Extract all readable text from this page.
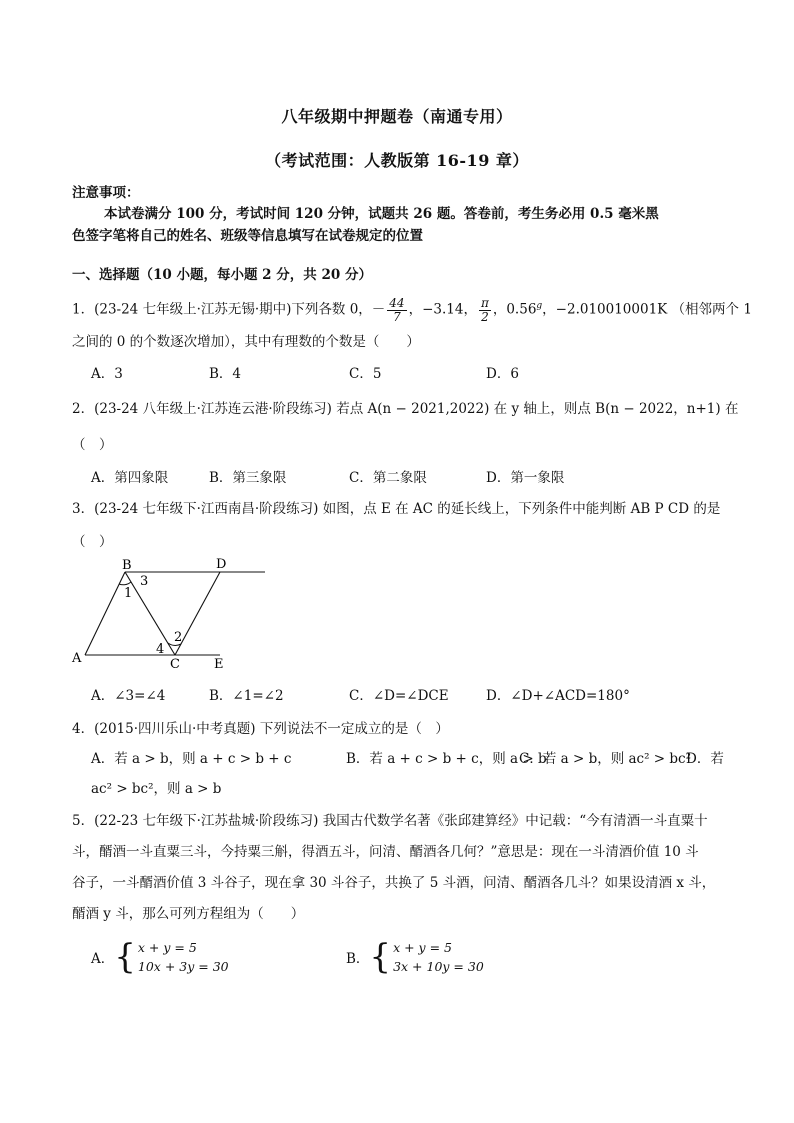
八年级期中押题卷（南通专用）
（考试范围：人教版第 16-19 章）
注意事项：
本试卷满分 100 分，考试时间 120 分钟，试题共 26 题。答卷前，考生务必用 0.5 毫米黑
色签字笔将自己的姓名、班级等信息填写在试卷规定的位置
一、选择题（10 小题，每小题 2 分，共 20 分）
1．(23-24 七年级上·江苏无锡·期中)下列各数 0，－ $\frac{44}{7}$ ，−3.14， $\frac{\pi}{2}$ ，0.56$^g$，−2.010010001K （相邻两个 1
之间的 0 的个数逐次增加），其中有理数的个数是（　　）
A．3	B．4	C．5	D．6
2．(23-24 八年级上·江苏连云港·阶段练习) 若点 A(n − 2021,2022) 在 y 轴上，则点 B(n − 2022，n+1) 在
（　）
A．第四象限	B．第三象限	C．第二象限	D．第一象限
3．(23-24 七年级下·江西南昌·阶段练习) 如图，点 E 在 AC 的延长线上，下列条件中能判断 AB P CD 的是
（　）
B	D
3
1
2
4
A	C	E
A．∠3=∠4	B．∠1=∠2	C．∠D=∠DCE	D．∠D+∠ACD=180°
4．(2015·四川乐山·中考真题) 下列说法不一定成立的是（　）
A．若 a > b，则 a + c > b + c	B．若 a + c > b + c，则 a > b
C．若 a > b，则 ac² > bc²
D．若
ac² > bc²，则 a > b
5．(22-23 七年级下·江苏盐城·阶段练习) 我国古代数学名著《张邱建算经》中记载：“今有清酒一斗直粟十
斗，醑酒一斗直粟三斗，今持粟三斛，得酒五斗，问清、醑酒各几何？”意思是：现在一斗清酒价值 10 斗
谷子，一斗醑酒价值 3 斗谷子，现在拿 30 斗谷子，共换了 5 斗酒，问清、醑酒各几斗？如果设清酒 x 斗，
醑酒 y 斗，那么可列方程组为（　　）
A．{ x + y = 5
10x + 3y = 30	B．{ x + y = 5
3x + 10y = 30
